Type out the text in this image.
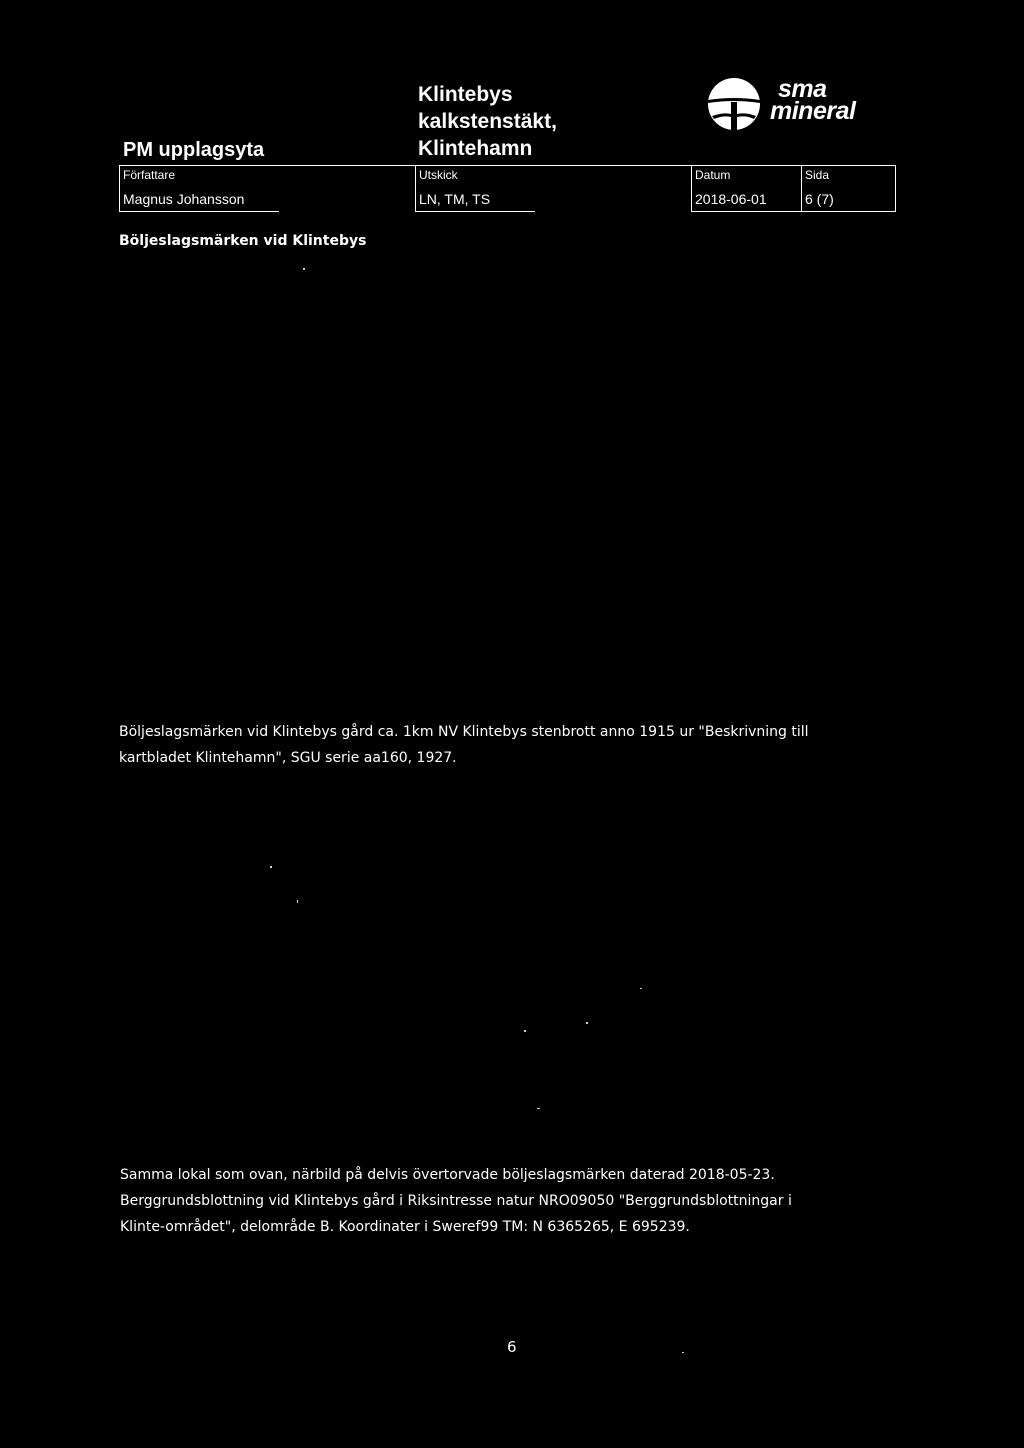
PM upplagsyta
Klintebys
kalkstenstäkt,
Klintehamn
sma
mineral
Författare
Magnus Johansson
Utskick
LN, TM, TS
Datum
2018-06-01
Sida
6 (7)
Böljeslagsmärken vid Klintebys
Böljeslagsmärken vid Klintebys gård ca. 1km NV Klintebys stenbrott anno 1915 ur "Beskrivning till
kartbladet Klintehamn", SGU serie aa160, 1927.
Samma lokal som ovan, närbild på delvis övertorvade böljeslagsmärken daterad 2018-05-23.
Berggrundsblottning vid Klintebys gård i Riksintresse natur NRO09050 "Berggrundsblottningar i
Klinte-området", delområde B. Koordinater i Sweref99 TM: N 6365265, E 695239.
6
